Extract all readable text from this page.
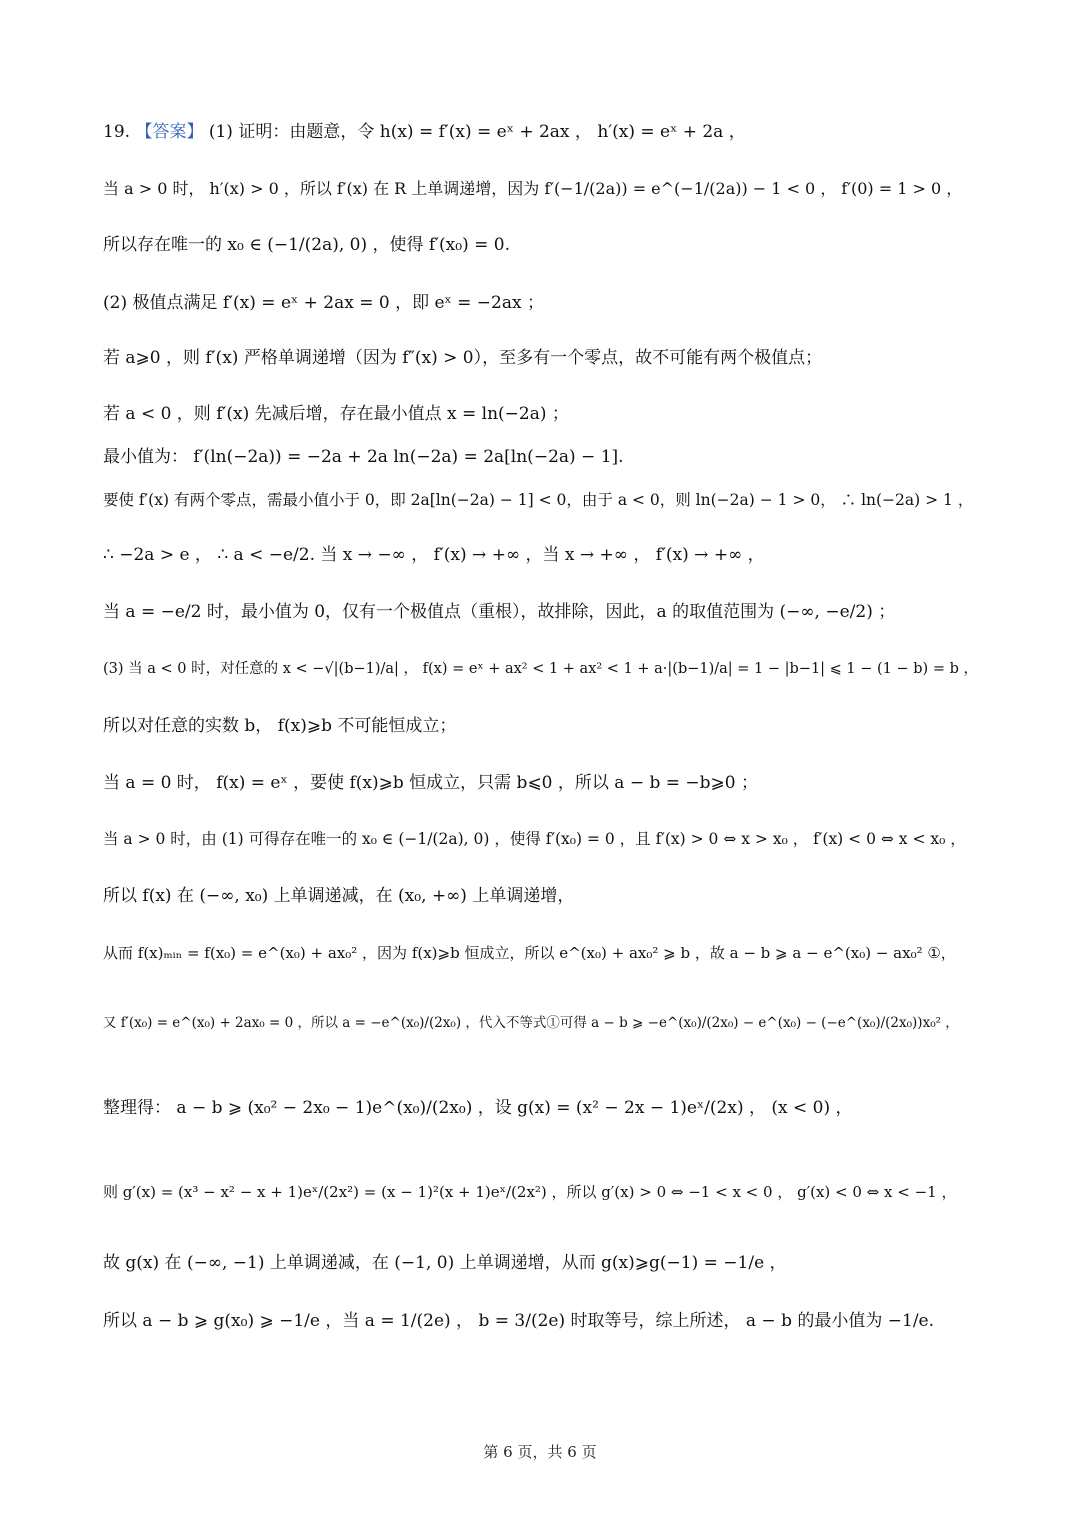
19. 【答案】 (1) 证明：由题意，令 h(x) = f′(x) = eˣ + 2ax ， h′(x) = eˣ + 2a ，
当 a > 0 时， h′(x) > 0 ，所以 f′(x) 在 R 上单调递增，因为 f′(−1/(2a)) = e^(−1/(2a)) − 1 < 0 ， f′(0) = 1 > 0 ，
所以存在唯一的 x₀ ∈ (−1/(2a), 0) ，使得 f′(x₀) = 0.
(2) 极值点满足 f′(x) = eˣ + 2ax = 0 ，即 eˣ = −2ax ；
若 a⩾0 ，则 f′(x) 严格单调递增（因为 f″(x) > 0），至多有一个零点，故不可能有两个极值点；
若 a < 0 ，则 f′(x) 先减后增，存在最小值点 x = ln(−2a) ；
最小值为： f′(ln(−2a)) = −2a + 2a ln(−2a) = 2a[ln(−2a) − 1].
要使 f′(x) 有两个零点，需最小值小于 0，即 2a[ln(−2a) − 1] < 0，由于 a < 0，则 ln(−2a) − 1 > 0， ∴ ln(−2a) > 1 ，
∴ −2a > e ， ∴ a < −e/2. 当 x → −∞ ， f′(x) → +∞ ，当 x → +∞ ， f′(x) → +∞ ，
当 a = −e/2 时，最小值为 0，仅有一个极值点（重根），故排除，因此，a 的取值范围为 (−∞, −e/2) ；
(3) 当 a < 0 时，对任意的 x < −√|(b−1)/a| ， f(x) = eˣ + ax² < 1 + ax² < 1 + a·|(b−1)/a| = 1 − |b−1| ⩽ 1 − (1 − b) = b ，
所以对任意的实数 b， f(x)⩾b 不可能恒成立；
当 a = 0 时， f(x) = eˣ ，要使 f(x)⩾b 恒成立，只需 b⩽0 ，所以 a − b = −b⩾0 ；
当 a > 0 时，由 (1) 可得存在唯一的 x₀ ∈ (−1/(2a), 0) ，使得 f′(x₀) = 0 ，且 f′(x) > 0 ⇔ x > x₀ ， f′(x) < 0 ⇔ x < x₀ ，
所以 f(x) 在 (−∞, x₀) 上单调递减，在 (x₀, +∞) 上单调递增，
从而 f(x)ₘᵢₙ = f(x₀) = e^(x₀) + ax₀² ，因为 f(x)⩾b 恒成立，所以 e^(x₀) + ax₀² ⩾ b ，故 a − b ⩾ a − e^(x₀) − ax₀² ①，
又 f′(x₀) = e^(x₀) + 2ax₀ = 0 ，所以 a = −e^(x₀)/(2x₀) ，代入不等式①可得 a − b ⩾ −e^(x₀)/(2x₀) − e^(x₀) − (−e^(x₀)/(2x₀))x₀² ，
整理得： a − b ⩾ (x₀² − 2x₀ − 1)e^(x₀)/(2x₀) ，设 g(x) = (x² − 2x − 1)eˣ/(2x) ， (x < 0) ，
则 g′(x) = (x³ − x² − x + 1)eˣ/(2x²) = (x − 1)²(x + 1)eˣ/(2x²) ，所以 g′(x) > 0 ⇔ −1 < x < 0 ， g′(x) < 0 ⇔ x < −1 ，
故 g(x) 在 (−∞, −1) 上单调递减，在 (−1, 0) 上单调递增，从而 g(x)⩾g(−1) = −1/e ，
所以 a − b ⩾ g(x₀) ⩾ −1/e ，当 a = 1/(2e) ， b = 3/(2e) 时取等号，综上所述， a − b 的最小值为 −1/e.
第 6 页，共 6 页
